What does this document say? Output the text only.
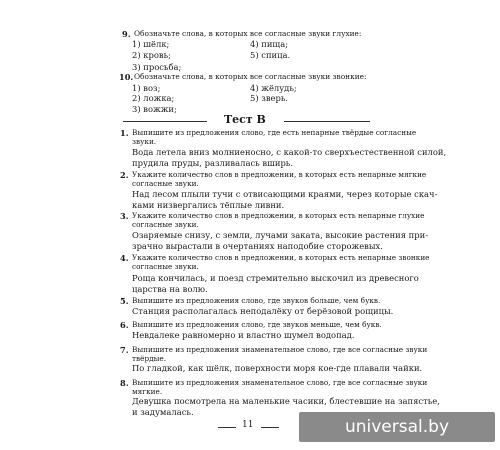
9. Обозначьте слова, в которых все согласные звуки глухие:
1) шёлк;
2) кровь;
3) просьба;
4) пища;
5) спица.
10. Обозначьте слова, в которых все согласные звуки звонкие:
1) воз;
2) ложка;
3) вожжи;
4) жёлудь;
5) зверь.
Тест В
1. Выпишите из предложения слово, где есть непарные твёрдые согласные
звуки.
Вода летела вниз молниеносно, с какой-то сверхъестественной силой,
прудила пруды, разливалась вширь.
2. Укажите количество слов в предложении, в которых есть непарные мягкие
согласные звуки.
Над лесом плыли тучи с отвисающими краями, через которые скач-
ками низвергались тёплые ливни.
3. Укажите количество слов в предложении, в которых есть непарные глухие
согласные звуки.
Озаряемые снизу, с земли, лучами заката, высокие растения при-
зрачно вырастали в очертаниях наподобие сторожевых.
4. Укажите количество слов в предложении, в которых есть непарные звонкие
согласные звуки.
Роща кончилась, и поезд стремительно выскочил из древесного
царства на волю.
5. Выпишите из предложения слово, где звуков больше, чем букв.
Станция располагалась неподалёку от берёзовой рощицы.
6. Выпишите из предложения слово, где звуков меньше, чем букв.
Невдалеке равномерно и властно шумел водопад.
7. Выпишите из предложения знаменательное слово, где все согласные звуки
твёрдые.
По гладкой, как шёлк, поверхности моря кое-где плавали чайки.
8. Выпишите из предложения знаменательное слово, где все согласные звуки
мягкие.
Девушка посмотрела на маленькие часики, блестевшие на запястье,
и задумалась.
11	universal.by
